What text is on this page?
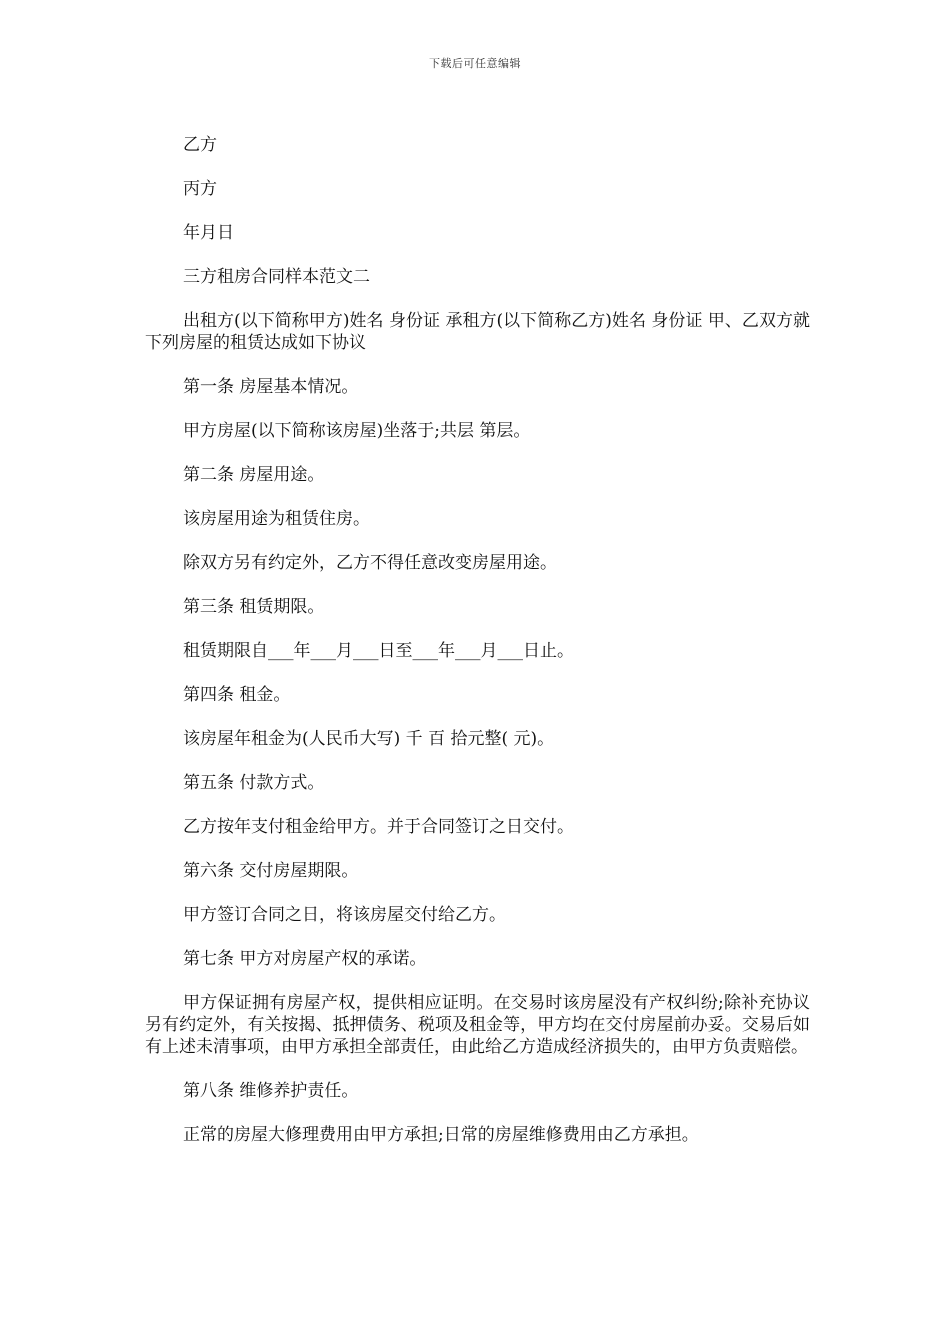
下载后可任意编辑

乙方

丙方

年月日

三方租房合同样本范文二

出租方(以下简称甲方)姓名 身份证 承租方(以下简称乙方)姓名 身份证 甲、乙双方就下列房屋的租赁达成如下协议

第一条 房屋基本情况。

甲方房屋(以下简称该房屋)坐落于;共层 第层。

第二条 房屋用途。

该房屋用途为租赁住房。

除双方另有约定外，乙方不得任意改变房屋用途。

第三条 租赁期限。

租赁期限自___年___月___日至___年___月___日止。

第四条 租金。

该房屋年租金为(人民币大写) 千 百 拾元整( 元)。

第五条 付款方式。

乙方按年支付租金给甲方。并于合同签订之日交付。

第六条 交付房屋期限。

甲方签订合同之日，将该房屋交付给乙方。

第七条 甲方对房屋产权的承诺。

甲方保证拥有房屋产权，提供相应证明。在交易时该房屋没有产权纠纷;除补充协议另有约定外，有关按揭、抵押债务、税项及租金等，甲方均在交付房屋前办妥。交易后如有上述未清事项，由甲方承担全部责任，由此给乙方造成经济损失的，由甲方负责赔偿。

第八条 维修养护责任。

正常的房屋大修理费用由甲方承担;日常的房屋维修费用由乙方承担。
